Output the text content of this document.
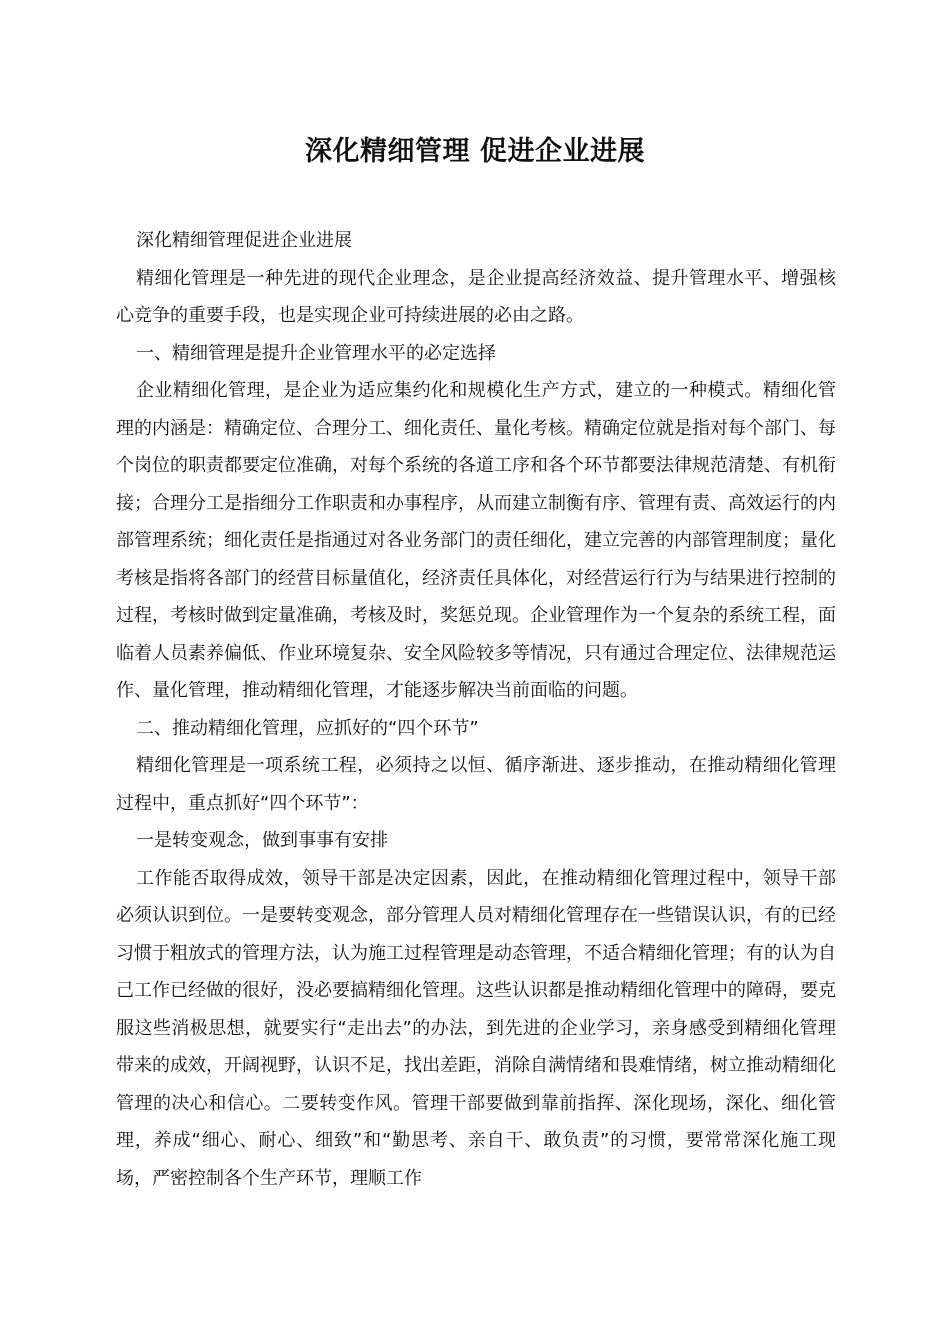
深化精细管理 促进企业进展

深化精细管理促进企业进展

精细化管理是一种先进的现代企业理念，是企业提高经济效益、提升管理水平、增强核心竞争的重要手段，也是实现企业可持续进展的必由之路。

一、精细管理是提升企业管理水平的必定选择

企业精细化管理，是企业为适应集约化和规模化生产方式，建立的一种模式。精细化管理的内涵是：精确定位、合理分工、细化责任、量化考核。精确定位就是指对每个部门、每个岗位的职责都要定位准确，对每个系统的各道工序和各个环节都要法律规范清楚、有机衔接；合理分工是指细分工作职责和办事程序，从而建立制衡有序、管理有责、高效运行的内部管理系统；细化责任是指通过对各业务部门的责任细化，建立完善的内部管理制度；量化考核是指将各部门的经营目标量值化，经济责任具体化，对经营运行行为与结果进行控制的过程，考核时做到定量准确，考核及时，奖惩兑现。企业管理作为一个复杂的系统工程，面临着人员素养偏低、作业环境复杂、安全风险较多等情况，只有通过合理定位、法律规范运作、量化管理，推动精细化管理，才能逐步解决当前面临的问题。

二、推动精细化管理，应抓好的“四个环节”

精细化管理是一项系统工程，必须持之以恒、循序渐进、逐步推动，在推动精细化管理过程中，重点抓好“四个环节”：

一是转变观念，做到事事有安排

工作能否取得成效，领导干部是决定因素，因此，在推动精细化管理过程中，领导干部必须认识到位。一是要转变观念，部分管理人员对精细化管理存在一些错误认识，有的已经习惯于粗放式的管理方法，认为施工过程管理是动态管理，不适合精细化管理；有的认为自己工作已经做的很好，没必要搞精细化管理。这些认识都是推动精细化管理中的障碍，要克服这些消极思想，就要实行“走出去”的办法，到先进的企业学习，亲身感受到精细化管理带来的成效，开阔视野，认识不足，找出差距，消除自满情绪和畏难情绪，树立推动精细化管理的决心和信心。二要转变作风。管理干部要做到靠前指挥、深化现场，深化、细化管理，养成“细心、耐心、细致”和“勤思考、亲自干、敢负责”的习惯，要常常深化施工现场，严密控制各个生产环节，理顺工作
